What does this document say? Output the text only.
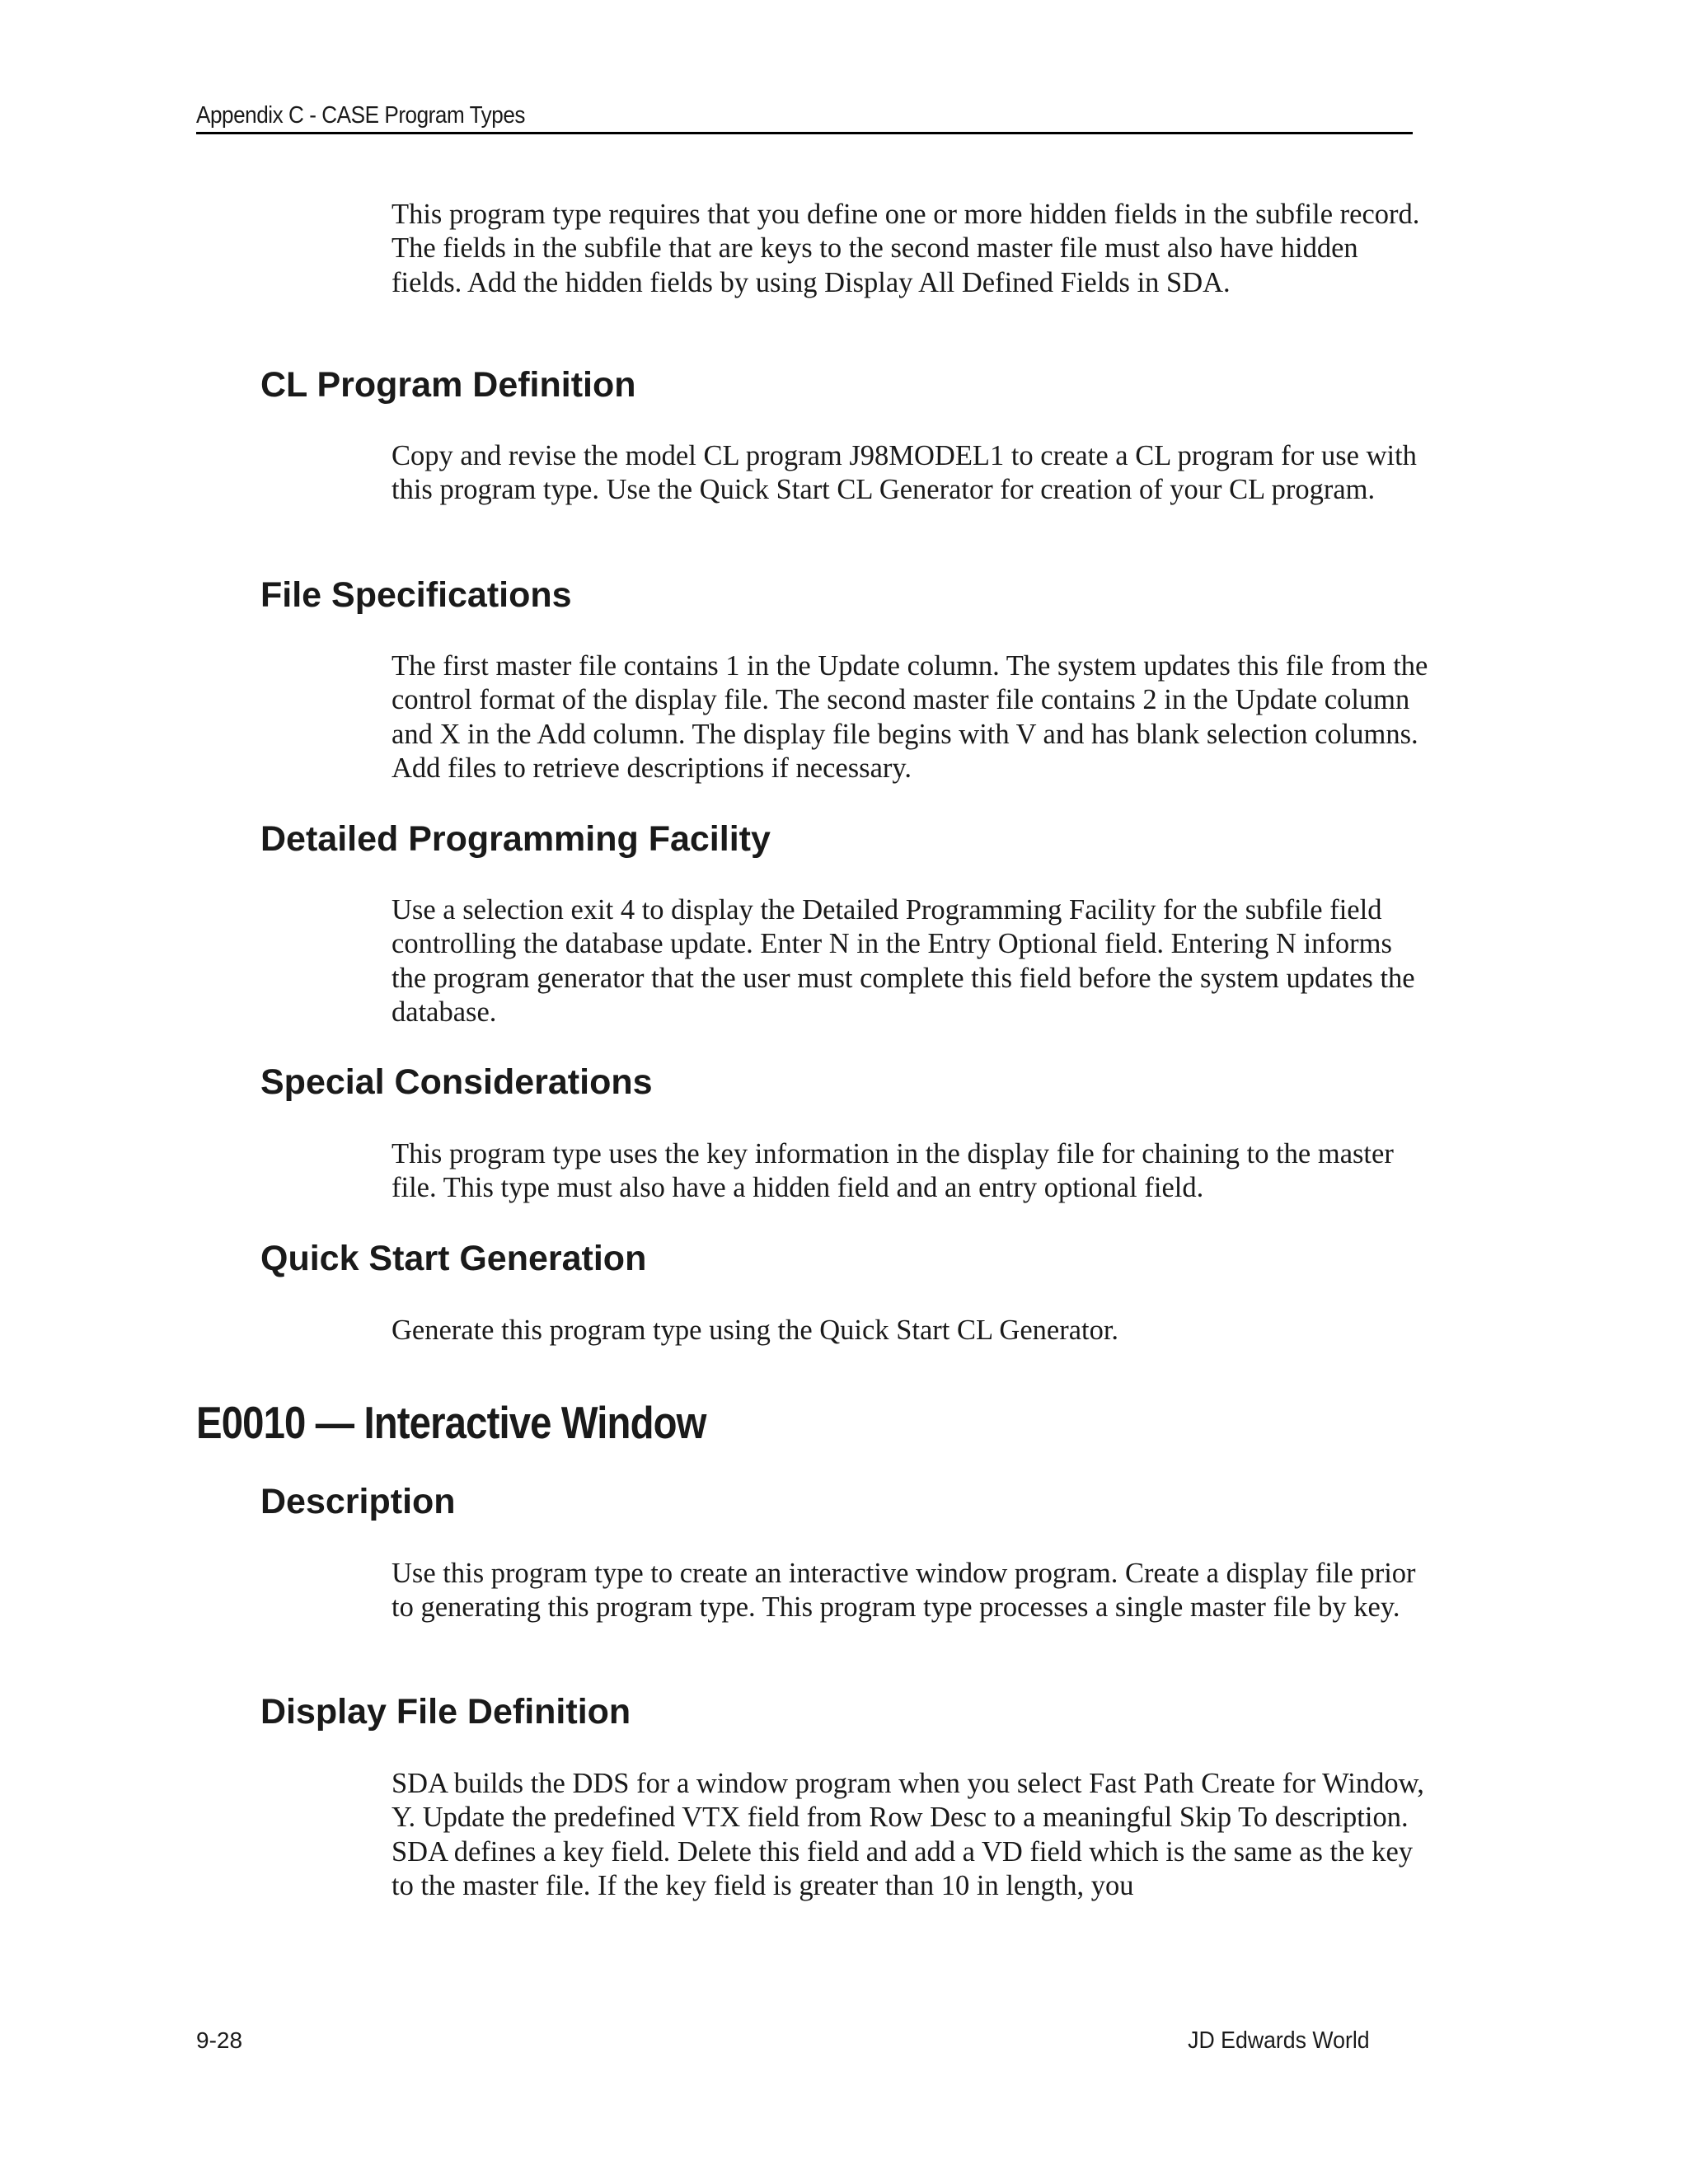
Appendix C - CASE Program Types

This program type requires that you define one or more hidden fields in the subfile record. The fields in the subfile that are keys to the second master file must also have hidden fields. Add the hidden fields by using Display All Defined Fields in SDA.

CL Program Definition

Copy and revise the model CL program J98MODEL1 to create a CL program for use with this program type. Use the Quick Start CL Generator for creation of your CL program.

File Specifications

The first master file contains 1 in the Update column. The system updates this file from the control format of the display file. The second master file contains 2 in the Update column and X in the Add column. The display file begins with V and has blank selection columns. Add files to retrieve descriptions if necessary.

Detailed Programming Facility

Use a selection exit 4 to display the Detailed Programming Facility for the subfile field controlling the database update. Enter N in the Entry Optional field. Entering N informs the program generator that the user must complete this field before the system updates the database.

Special Considerations

This program type uses the key information in the display file for chaining to the master file. This type must also have a hidden field and an entry optional field.

Quick Start Generation

Generate this program type using the Quick Start CL Generator.

E0010 — Interactive Window
Description

Use this program type to create an interactive window program. Create a display file prior to generating this program type. This program type processes a single master file by key.

Display File Definition

SDA builds the DDS for a window program when you select Fast Path Create for Window, Y. Update the predefined VTX field from Row Desc to a meaningful Skip To description. SDA defines a key field. Delete this field and add a VD field which is the same as the key to the master file. If the key field is greater than 10 in length, you

9-28	JD Edwards World
